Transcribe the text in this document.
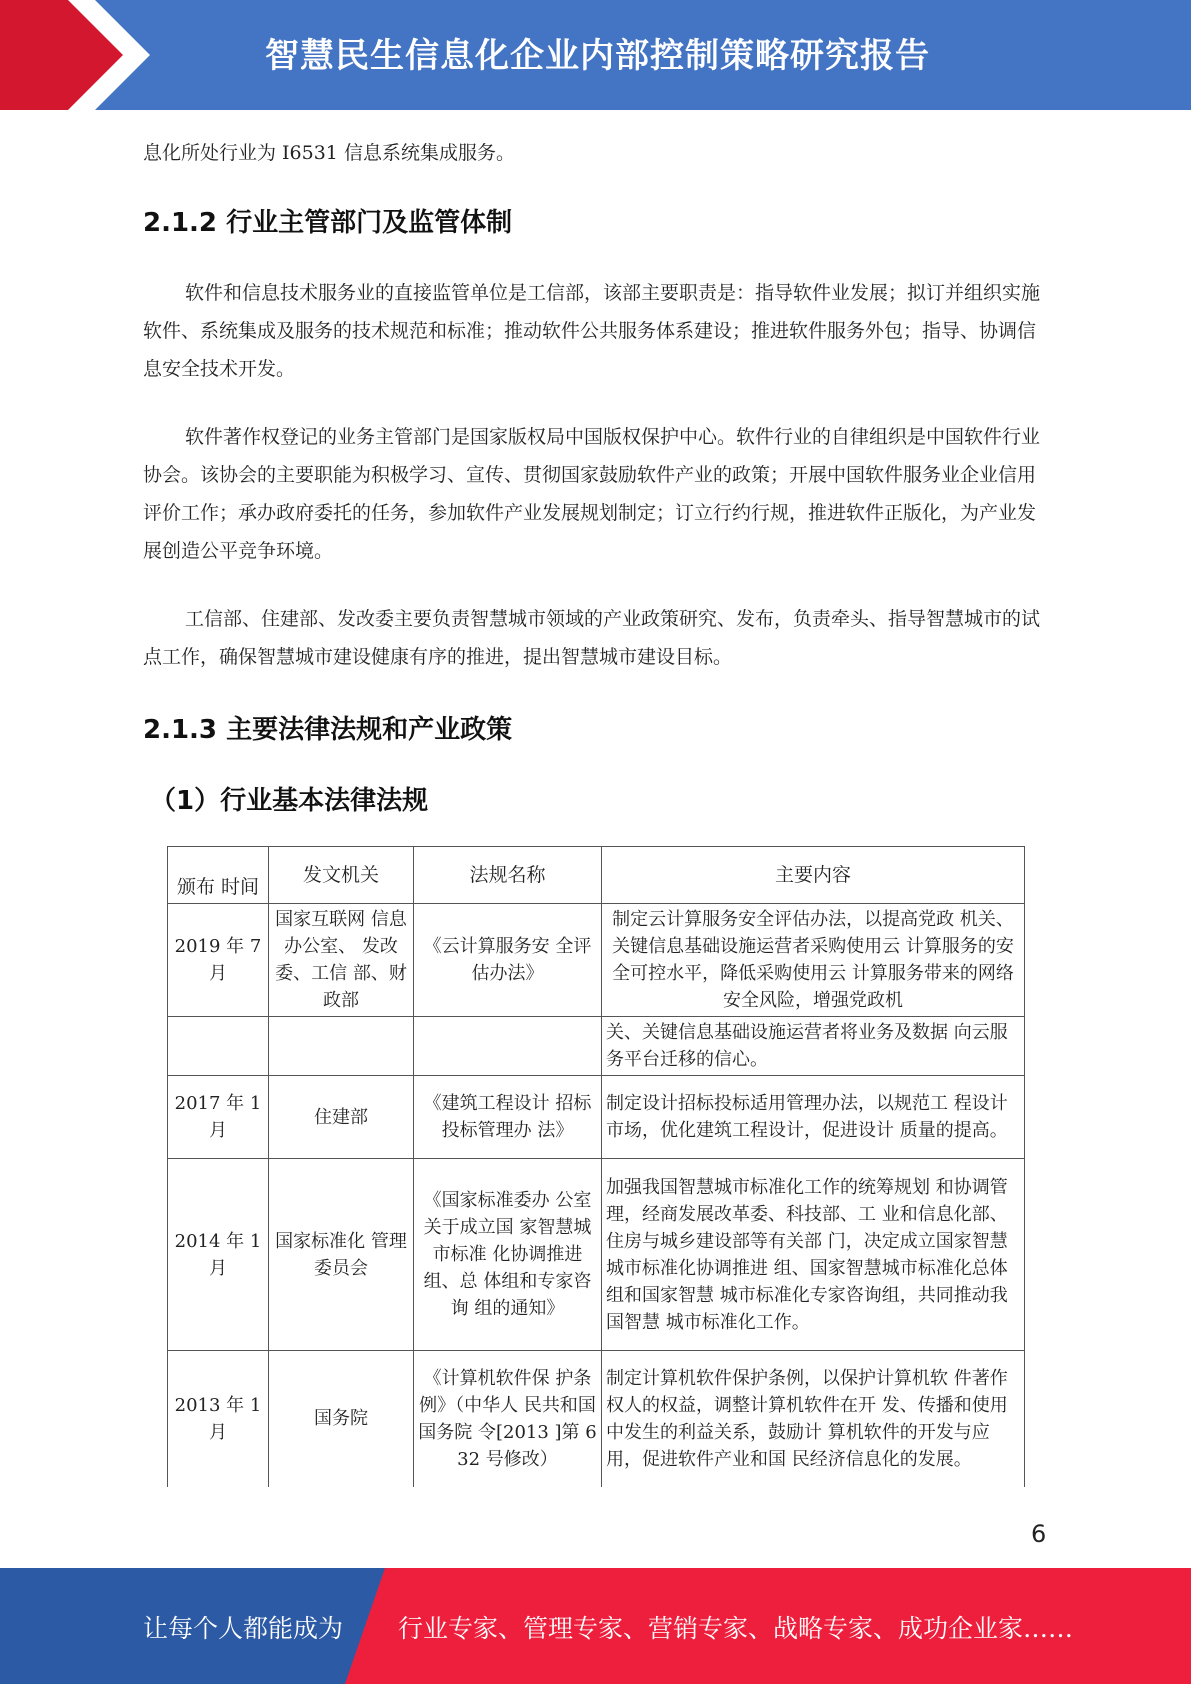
智慧民生信息化企业内部控制策略研究报告

息化所处行业为 I6531 信息系统集成服务。

2.1.2 行业主管部门及监管体制

软件和信息技术服务业的直接监管单位是工信部，该部主要职责是：指导软件业发展；拟订并组织实施软件、系统集成及服务的技术规范和标准；推动软件公共服务体系建设；推进软件服务外包；指导、协调信息安全技术开发。

软件著作权登记的业务主管部门是国家版权局中国版权保护中心。软件行业的自律组织是中国软件行业协会。该协会的主要职能为积极学习、宣传、贯彻国家鼓励软件产业的政策；开展中国软件服务业企业信用评价工作；承办政府委托的任务，参加软件产业发展规划制定；订立行约行规，推进软件正版化，为产业发展创造公平竞争环境。

工信部、住建部、发改委主要负责智慧城市领域的产业政策研究、发布，负责牵头、指导智慧城市的试点工作，确保智慧城市建设健康有序的推进，提出智慧城市建设目标。

2.1.3 主要法律法规和产业政策
（1）行业基本法律法规
颁布 时间	发文机关	法规名称	主要内容
2019 年 7月	国家互联网 信息办公室、 发改委、工信 部、财政部	《云计算服务安 全评估办法》	制定云计算服务安全评估办法，以提高党政 机关、关键信息基础设施运营者采购使用云 计算服务的安全可控水平，降低采购使用云 计算服务带来的网络安全风险，增强党政机
			关、关键信息基础设施运营者将业务及数据 向云服务平台迁移的信心。
2017 年 1月	住建部	《建筑工程设计 招标投标管理办 法》	制定设计招标投标适用管理办法，以规范工 程设计市场，优化建筑工程设计，促进设计 质量的提高。
2014 年 1月	国家标准化 管理委员会	《国家标准委办 公室关于成立国 家智慧城市标准 化协调推进组、总 体组和专家咨询 组的通知》	加强我国智慧城市标准化工作的统筹规划 和协调管理，经商发展改革委、科技部、工 业和信息化部、住房与城乡建设部等有关部 门，决定成立国家智慧城市标准化协调推进 组、国家智慧城市标准化总体组和国家智慧 城市标准化专家咨询组，共同推动我国智慧 城市标准化工作。
2013 年 1月	国务院	《计算机软件保 护条例》（中华人 民共和国国务院 令[2013 ]第 632 号修改）	制定计算机软件保护条例，以保护计算机软 件著作权人的权益，调整计算机软件在开 发、传播和使用中发生的利益关系，鼓励计 算机软件的开发与应用，促进软件产业和国 民经济信息化的发展。
6
让每个人都能成为 行业专家、管理专家、营销专家、战略专家、成功企业家……
